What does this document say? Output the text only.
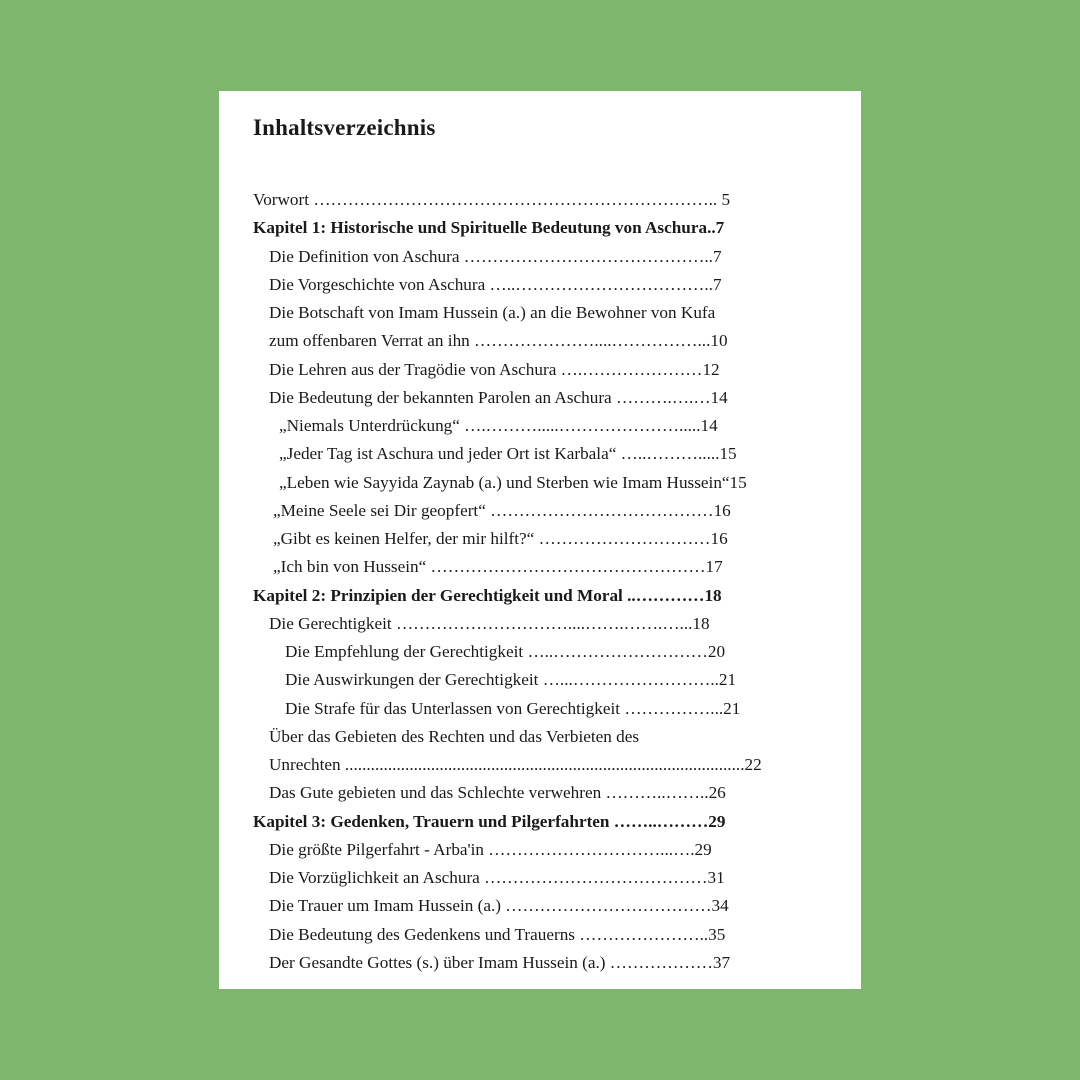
Inhaltsverzeichnis
Vorwort …………………………………………………………….. 5
Kapitel 1: Historische und Spirituelle Bedeutung von Aschura..7
Die Definition von Aschura ……………………………………..7
Die Vorgeschichte von Aschura …..……………………………..7
Die Botschaft von Imam Hussein (a.) an die Bewohner von Kufa
zum offenbaren Verrat an ihn …………………....……………...10
Die Lehren aus der Tragödie von Aschura ….…………………12
Die Bedeutung der bekannten Parolen an Aschura ……….….…14
„Niemals Unterdrückung“ ….……….....………………….....14
„Jeder Tag ist Aschura und jeder Ort ist Karbala“ …..……….....15
„Leben wie Sayyida Zaynab (a.) und Sterben wie Imam Hussein“15
„Meine Seele sei Dir geopfert“ …………………………………16
„Gibt es keinen Helfer, der mir hilft?“ …………………………16
„Ich bin von Hussein“ …………………………………………17
Kapitel 2: Prinzipien der Gerechtigkeit und Moral ..…………18
Die Gerechtigkeit …………………………....…….…….…...18
Die Empfehlung der Gerechtigkeit …..………………………20
Die Auswirkungen der Gerechtigkeit …...……………………..21
Die Strafe für das Unterlassen von Gerechtigkeit ……………...21
Über das Gebieten des Rechten und das Verbieten des
Unrechten .............................................................................................22
Das Gute gebieten und das Schlechte verwehren ………..……..26
Kapitel 3: Gedenken, Trauern und Pilgerfahrten ……..………29
Die größte Pilgerfahrt - Arba'in …………………………...….29
Die Vorzüglichkeit an Aschura …………………………………31
Die Trauer um Imam Hussein (a.) ………………………………34
Die Bedeutung des Gedenkens und Trauerns …………………..35
Der Gesandte Gottes (s.) über Imam Hussein (a.) ………………37
